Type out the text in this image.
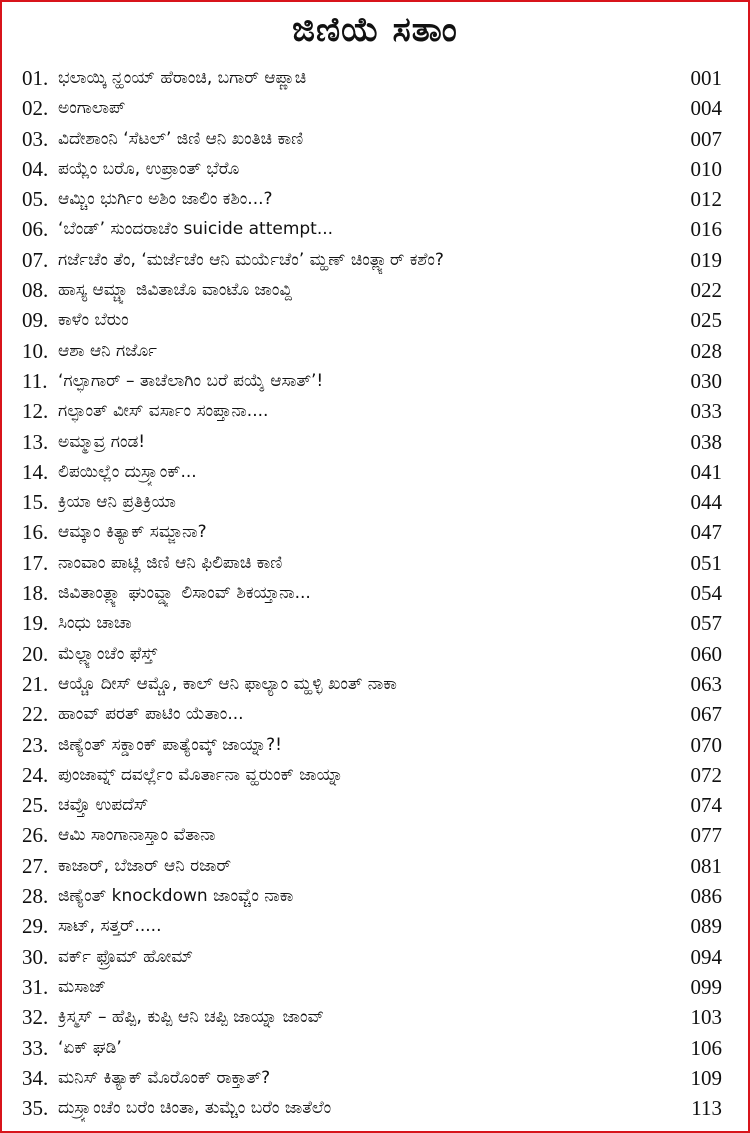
ಜಿಣಿಯೆ ಸತಾಂ
01. ಭಲಾಯ್ಕಿ ನ್ಹಂಯ್ ಹೆರಾಂಚಿ, ಬಗಾರ್ ಆಪ್ಣಾಚಿ	001
02. ಅಂಗಾಲಾಪ್	004
03. ವಿದೇಶಾಂನಿ ‘ಸೆಟಲ್’ ಜಿಣಿ ಆನಿ ಖಂತಿಚಿ ಕಾಣಿ	007
04. ಪಯ್ಲೆಂ ಬರೊ, ಉಪ್ರಾಂತ್ ಭೆರೊ	010
05. ಆಮ್ಚಿಂ ಭುರ್ಗಿಂ ಅಶಿಂ ಜಾಲಿಂ ಕಶಿಂ...?	012
06. ‘ಬೆಂಡ್’ ಸುಂದರಾಚೆಂ suicide attempt...	016
07. ಗರ್ಜೆಚೆಂ ತೆಂ, ‘ಮರ್ಜೆಚೆಂ ಆನಿ ಮರ್ಯೆಚೆಂ’ ಮ್ಹಣ್ ಚಿಂತ್ಲ್ಯಾರ್ ಕಶೆಂ?	019
08. ಹಾಸ್ಯ ಆಮ್ಚ್ಯಾ ಜಿವಿತಾಚೊ ವಾಂಟೊ ಜಾಂವ್ದಿ	022
09. ಕಾಳೆಂ ಬೆರುಂ	025
10. ಆಶಾ ಆನಿ ಗರ್ಜೊ	028
11. ‘ಗಲ್ಫಾಗಾರ್ – ತಾಚೆಲಾಗಿಂ ಬರೆ ಪಯ್ಶೆ ಆಸಾತ್’!	030
12. ಗಲ್ಫಾಂತ್ ವೀಸ್ ವರ್ಸಾಂ ಸಂಪ್ತಾನಾ....	033
13. ಅಮ್ಮಾವ್ರ ಗಂಡ!	038
14. ಲಿಪಯಿಲ್ಲೆಂ ದುಸ್ರ್ಯಾಂಕ್...	041
15. ಕ್ರಿಯಾ ಆನಿ ಪ್ರತಿಕ್ರಿಯಾ	044
16. ಆಮ್ಕಾಂ ಕಿತ್ಯಾಕ್ ಸಮ್ಜಾನಾ?	047
17. ನಾಂವಾಂ ಪಾಟ್ಲಿ ಜಿಣಿ ಆನಿ ಫಿಲಿಪಾಚಿ ಕಾಣಿ	051
18. ಜಿವಿತಾಂತ್ಲ್ಯಾ ಘುಂವ್ಡ್ಯಾ ಲಿಸಾಂವ್ ಶಿಕಯ್ತಾನಾ...	054
19. ಸಿಂಧು ಚಾಚಾ	057
20. ಮೆಲ್ಲ್ಯಾಂಚೆಂ ಫೆಸ್ತ್	060
21. ಆಯ್ಚೊ ದೀಸ್ ಆಮ್ಚೊ, ಕಾಲ್ ಆನಿ ಫಾಲ್ಯಾಂ ಮ್ಹಳ್ಳಿ ಖಂತ್ ನಾಕಾ	063
22. ಹಾಂವ್ ಪರತ್ ಪಾಟಿಂ ಯೆತಾಂ...	067
23. ಜಿಣ್ಯೆಂತ್ ಸಕ್ಡಾಂಕ್ ಪಾತ್ಯೆಂವ್ಕ್ ಜಾಯ್ನಾ?!	070
24. ಪುಂಜಾವ್ನ್ ದವರ್ಲ್ಲೆಂ ಮೊರ್ತಾನಾ ವ್ಹರುಂಕ್ ಜಾಯ್ನಾ	072
25. ಚವ್ತೊ ಉಪದೆಸ್	074
26. ಆಮಿ ಸಾಂಗಾನಾಸ್ತಾಂ ವೆತಾನಾ	077
27. ಕಾಜಾರ್, ಬೆಜಾರ್ ಆನಿ ರಜಾರ್	081
28. ಜಿಣ್ಯೆಂತ್ knockdown ಜಾಂವ್ಚೆಂ ನಾಕಾ	086
29. ಸಾಟ್, ಸತ್ತರ್.....	089
30. ವರ್ಕ್ ಫ್ರೊಮ್ ಹೋಮ್	094
31. ಮಸಾಜ್	099
32. ಕ್ರಿಸ್ಮಸ್ – ಹೆಪ್ಪಿ, ಕುಪ್ಪಿ ಆನಿ ಚಪ್ಪಿ ಜಾಯ್ನಾ ಜಾಂವ್	103
33. ‘ಏಕ್ ಘಡಿ’	106
34. ಮನಿಸ್ ಕಿತ್ಯಾಕ್ ಮೊರೊಂಕ್ ರಾಕ್ತಾತ್?	109
35. ದುಸ್ರ್ಯಾಂಚೆಂ ಬರೆಂ ಚಿಂತಾ, ತುಮ್ಚೆಂ ಬರೆಂ ಜಾತೆಲೆಂ	113
